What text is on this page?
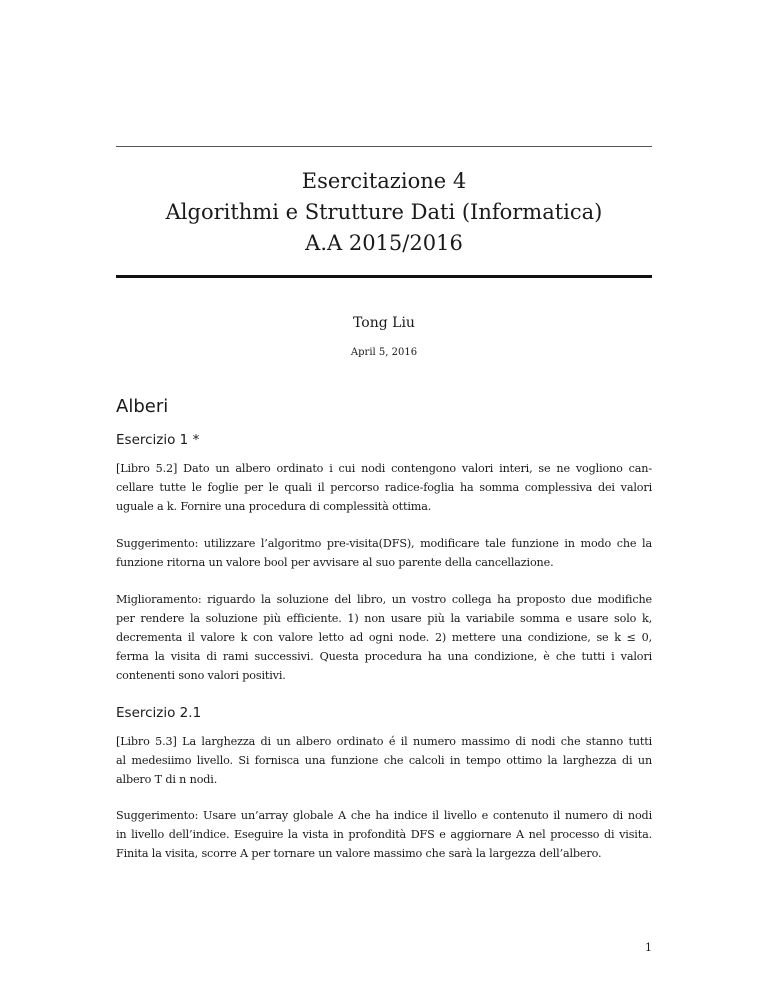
Esercitazione 4
Algorithmi e Strutture Dati (Informatica)
A.A 2015/2016
Tong Liu
April 5, 2016
Alberi
Esercizio 1 *
[Libro 5.2] Dato un albero ordinato i cui nodi contengono valori interi, se ne vogliono can-
cellare tutte le foglie per le quali il percorso radice-foglia ha somma complessiva dei valori
uguale a k. Fornire una procedura di complessità ottima.
Suggerimento: utilizzare l’algoritmo pre-visita(DFS), modificare tale funzione in modo che la
funzione ritorna un valore bool per avvisare al suo parente della cancellazione.
Miglioramento: riguardo la soluzione del libro, un vostro collega ha proposto due modifiche
per rendere la soluzione più efficiente. 1) non usare più la variabile somma e usare solo k,
decrementa il valore k con valore letto ad ogni node. 2) mettere una condizione, se k ≤ 0,
ferma la visita di rami successivi. Questa procedura ha una condizione, è che tutti i valori
contenenti sono valori positivi.
Esercizio 2.1
[Libro 5.3] La larghezza di un albero ordinato é il numero massimo di nodi che stanno tutti
al medesiimo livello. Si fornisca una funzione che calcoli in tempo ottimo la larghezza di un
albero T di n nodi.
Suggerimento: Usare un’array globale A che ha indice il livello e contenuto il numero di nodi
in livello dell’indice. Eseguire la vista in profondità DFS e aggiornare A nel processo di visita.
Finita la visita, scorre A per tornare un valore massimo che sarà la largezza dell’albero.
1
